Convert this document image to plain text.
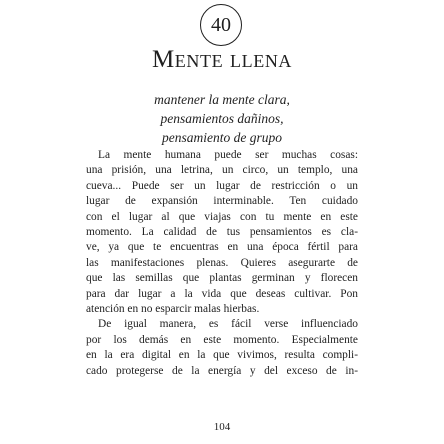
40
Mente llena
mantener la mente clara,
pensamientos dañinos,
pensamiento de grupo
La mente humana puede ser muchas cosas:
una prisión, una letrina, un circo, un templo, una
cueva... Puede ser un lugar de restricción o un
lugar de expansión interminable. Ten cuidado
con el lugar al que viajas con tu mente en este
momento. La calidad de tus pensamientos es cla-
ve, ya que te encuentras en una época fértil para
las manifestaciones plenas. Quieres asegurarte de
que las semillas que plantas germinan y florecen
para dar lugar a la vida que deseas cultivar. Pon
atención en no esparcir malas hierbas.
De igual manera, es fácil verse influenciado
por los demás en este momento. Especialmente
en la era digital en la que vivimos, resulta compli-
cado protegerse de la energía y del exceso de in-
104
